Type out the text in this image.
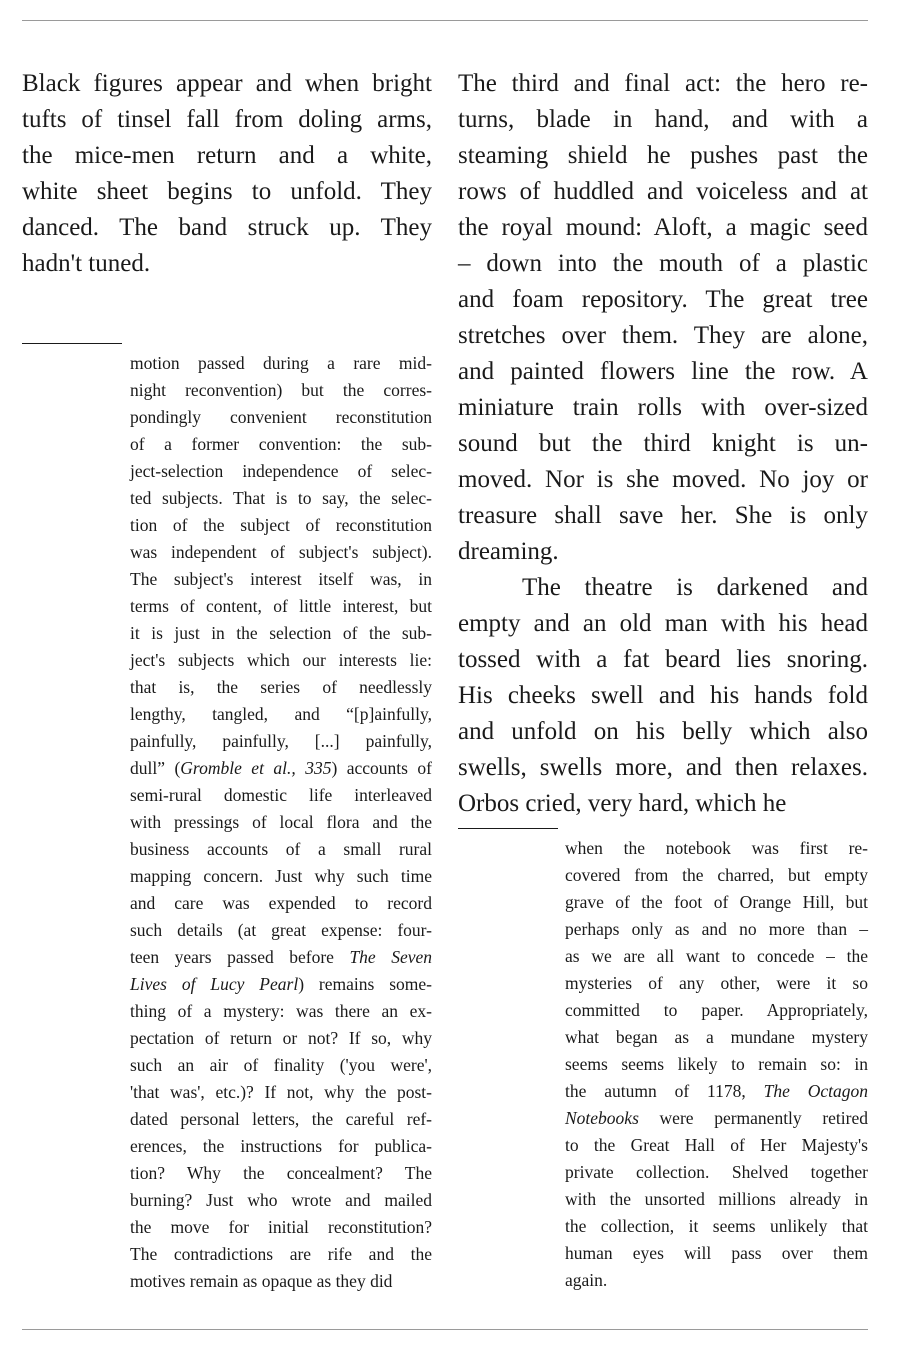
Black figures appear and when bright
tufts of tinsel fall from doling arms,
the mice-men return and a white,
white sheet begins to unfold. They
danced. The band struck up. They
hadn't tuned.

motion passed during a rare mid-
night reconvention) but the corres-
pondingly convenient reconstitution
of a former convention: the sub-
ject-selection independence of selec-
ted subjects. That is to say, the selec-
tion of the subject of reconstitution
was independent of subject's subject).
The subject's interest itself was, in
terms of content, of little interest, but
it is just in the selection of the sub-
ject's subjects which our interests lie:
that is, the series of needlessly
lengthy, tangled, and “[p]ainfully,
painfully, painfully, [...] painfully,
dull” (Gromble et al., 335) accounts of
semi-rural domestic life interleaved
with pressings of local flora and the
business accounts of a small rural
mapping concern. Just why such time
and care was expended to record
such details (at great expense: four-
teen years passed before The Seven
Lives of Lucy Pearl) remains some-
thing of a mystery: was there an ex-
pectation of return or not? If so, why
such an air of finality ('you were',
'that was', etc.)? If not, why the post-
dated personal letters, the careful ref-
erences, the instructions for publica-
tion? Why the concealment? The
burning? Just who wrote and mailed
the move for initial reconstitution?
The contradictions are rife and the
motives remain as opaque as they did

The third and final act: the hero re-
turns, blade in hand, and with a
steaming shield he pushes past the
rows of huddled and voiceless and at
the royal mound: Aloft, a magic seed
– down into the mouth of a plastic
and foam repository. The great tree
stretches over them. They are alone,
and painted flowers line the row. A
miniature train rolls with over-sized
sound but the third knight is un-
moved. Nor is she moved. No joy or
treasure shall save her. She is only
dreaming.

The theatre is darkened and
empty and an old man with his head
tossed with a fat beard lies snoring.
His cheeks swell and his hands fold
and unfold on his belly which also
swells, swells more, and then relaxes.
Orbos cried, very hard, which he

when the notebook was first re-
covered from the charred, but empty
grave of the foot of Orange Hill, but
perhaps only as and no more than –
as we are all want to concede – the
mysteries of any other, were it so
committed to paper. Appropriately,
what began as a mundane mystery
seems seems likely to remain so: in
the autumn of 1178, The Octagon
Notebooks were permanently retired
to the Great Hall of Her Majesty's
private collection. Shelved together
with the unsorted millions already in
the collection, it seems unlikely that
human eyes will pass over them
again.
